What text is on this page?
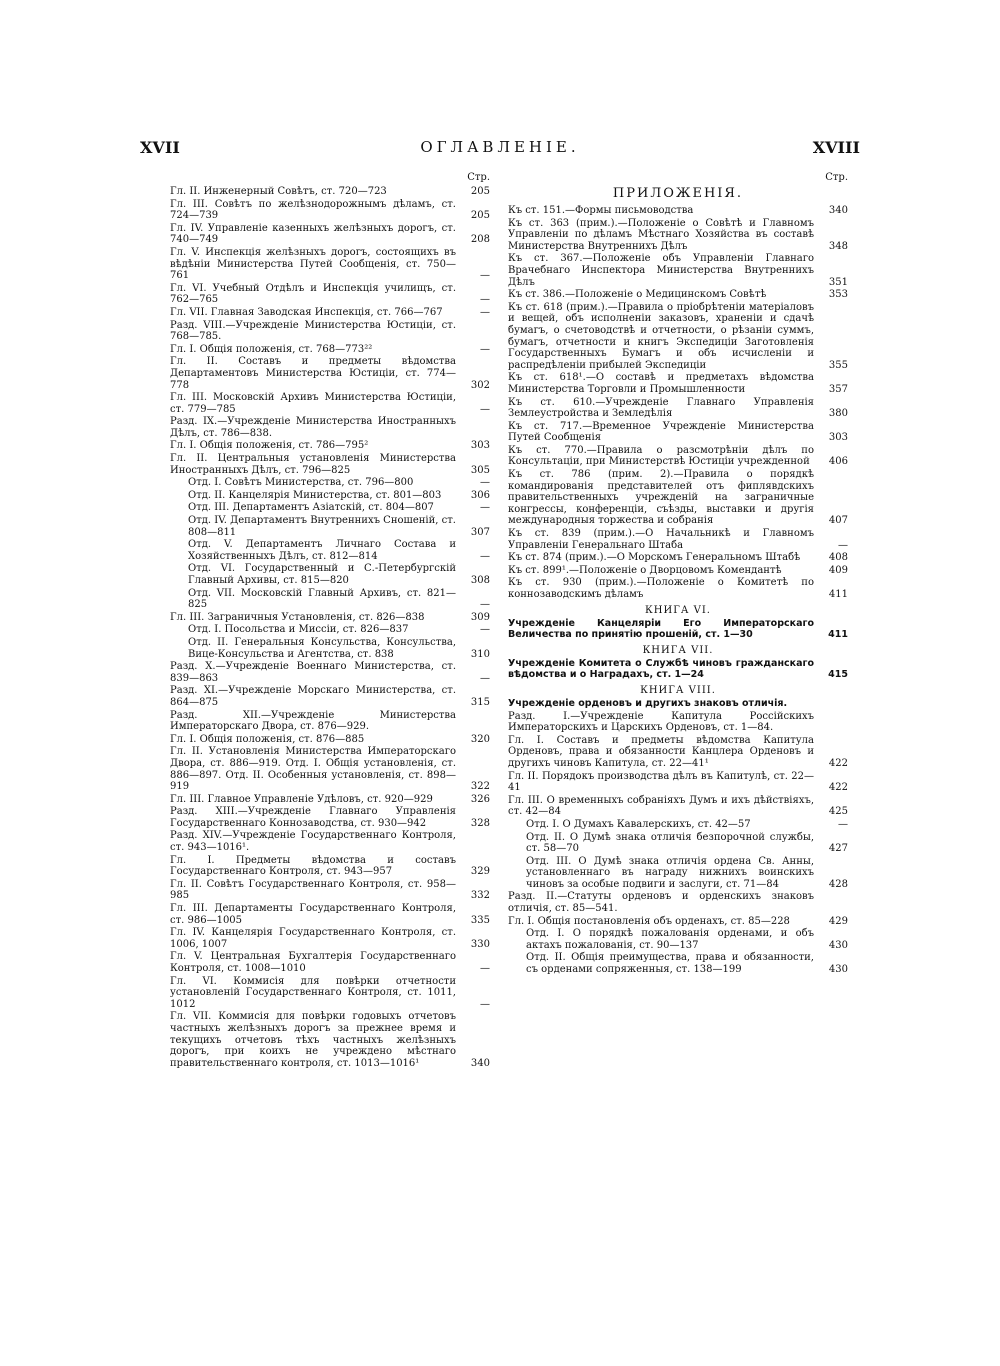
XVII	ОГЛАВЛЕНІЕ.	XVIII
Стр.
Гл. II. Инженерный Совѣтъ, ст. 720—723	205
Гл. III. Совѣтъ по желѣзнодорожнымъ дѣламъ, ст. 724—739	205
Гл. IV. Управленіе казенныхъ желѣзныхъ дорогъ, ст. 740—749	208
Гл. V. Инспекція желѣзныхъ дорогъ, состоящихъ въ вѣдѣніи Министерства Путей Сообщенія, ст. 750—761	—
Гл. VI. Учебный Отдѣлъ и Инспекція училищъ, ст. 762—765	—
Гл. VII. Главная Заводская Инспекція, ст. 766—767	—
Разд. VIII.—Учрежденіе Министерства Юстиціи, ст. 768—785.
Гл. I. Общія положенія, ст. 768—773²²	—
Гл. II. Составъ и предметы вѣдомства Департаментовъ Министерства Юстиціи, ст. 774—778	302
Гл. III. Московскій Архивъ Министерства Юстиціи, ст. 779—785	—
Разд. IX.—Учрежденіе Министерства Иностранныхъ Дѣлъ, ст. 786—838.
Гл. I. Общія положенія, ст. 786—795²	303
Гл. II. Центральныя установленія Министерства Иностранныхъ Дѣлъ, ст. 796—825	305
Отд. I. Совѣтъ Министерства, ст. 796—800	—
Отд. II. Канцелярія Министерства, ст. 801—803	306
Отд. III. Департаментъ Азіатскій, ст. 804—807	—
Отд. IV. Департаментъ Внутреннихъ Сношеній, ст. 808—811	307
Отд. V. Департаментъ Личнаго Состава и Хозяйственныхъ Дѣлъ, ст. 812—814	—
Отд. VI. Государственный и С.-Петербургскій Главный Архивы, ст. 815—820	308
Отд. VII. Московскій Главный Архивъ, ст. 821—825	—
Гл. III. Заграничныя Установленія, ст. 826—838	309
Отд. I. Посольства и Миссіи, ст. 826—837	—
Отд. II. Генеральныя Консульства, Консульства, Вице-Консульства и Агентства, ст. 838	310
Разд. X.—Учрежденіе Военнаго Министерства, ст. 839—863	—
Разд. XI.—Учрежденіе Морскаго Министерства, ст. 864—875	315
Разд. XII.—Учрежденіе Министерства Императорскаго Двора, ст. 876—929.
Гл. I. Общія положенія, ст. 876—885	320
Гл. II. Установленія Министерства Императорскаго Двора, ст. 886—919. Отд. I. Общія установленія, ст. 886—897. Отд. II. Особенныя установленія, ст. 898—919	322
Гл. III. Главное Управленіе Удѣловъ, ст. 920—929	326
Разд. XIII.—Учрежденіе Главнаго Управленія Государственнаго Коннозаводства, ст. 930—942	328
Разд. XIV.—Учрежденіе Государственнаго Контроля, ст. 943—1016¹.
Гл. I. Предметы вѣдомства и составъ Государственнаго Контроля, ст. 943—957	329
Гл. II. Совѣтъ Государственнаго Контроля, ст. 958—985	332
Гл. III. Департаменты Государственнаго Контроля, ст. 986—1005	335
Гл. IV. Канцелярія Государственнаго Контроля, ст. 1006, 1007	330
Гл. V. Центральная Бухгалтерія Государственнаго Контроля, ст. 1008—1010	—
Гл. VI. Коммисія для повѣрки отчетности установленій Государственнаго Контроля, ст. 1011, 1012	—
Гл. VII. Коммисія для повѣрки годовыхъ отчетовъ частныхъ желѣзныхъ дорогъ за прежнее время и текущихъ отчетовъ тѣхъ частныхъ желѣзныхъ дорогъ, при коихъ не учреждено мѣстнаго правительственнаго контроля, ст. 1013—1016¹	340
Стр.
ПРИЛОЖЕНІЯ.
Къ ст. 151.—Формы письмоводства	340
Къ ст. 363 (прим.).—Положеніе о Совѣтѣ и Главномъ Управленіи по дѣламъ Мѣстнаго Хозяйства въ составѣ Министерства Внутреннихъ Дѣлъ	348
Къ ст. 367.—Положеніе объ Управленіи Главнаго Врачебнаго Инспектора Министерства Внутреннихъ Дѣлъ	351
Къ ст. 386.—Положеніе о Медицинскомъ Совѣтѣ	353
Къ ст. 618 (прим.).—Правила о пріобрѣтеніи матеріаловъ и вещей, объ исполненіи заказовъ, храненіи и сдачѣ бумагъ, о счетоводствѣ и отчетности, о рѣзаніи суммъ, бумагъ, отчетности и книгъ Экспедиціи Заготовленія Государственныхъ Бумагъ и объ исчисленіи и распредѣленіи прибылей Экспедиціи	355
Къ ст. 618¹.—О составѣ и предметахъ вѣдомства Министерства Торговли и Промышленности	357
Къ ст. 610.—Учрежденіе Главнаго Управленія Землеустройства и Земледѣлія	380
Къ ст. 717.—Временное Учрежденіе Министерства Путей Сообщенія	303
Къ ст. 770.—Правила о разсмотрѣніи дѣлъ по Консультаціи, при Министерствѣ Юстиціи учрежденной	406
Къ ст. 786 (прим. 2).—Правила о порядкѣ командированія представителей отъ фиплявдскихъ правительственныхъ учрежденій на заграничные конгрессы, конференціи, съѣзды, выставки и другія международныя торжества и собранія	407
Къ ст. 839 (прим.).—О Начальникѣ и Главномъ Управленіи Генеральнаго Штаба	—
Къ ст. 874 (прим.).—О Морскомъ Генеральномъ Штабѣ	408
Къ ст. 899¹.—Положеніе о Дворцовомъ Комендантѣ	409
Къ ст. 930 (прим.).—Положеніе о Комитетѣ по коннозаводскимъ дѣламъ	411
КНИГА VI.
Учрежденіе Канцеляріи Его Императорскаго Величества по принятію прошеній, ст. 1—30	411
КНИГА VII.
Учрежденіе Комитета о Службѣ чиновъ гражданскаго вѣдомства и о Наградахъ, ст. 1—24	415
КНИГА VIII.
Учрежденіе орденовъ и другихъ знаковъ отличія.
Разд. I.—Учрежденіе Капитула Россійскихъ Императорскихъ и Царскихъ Орденовъ, ст. 1—84.
Гл. I. Составъ и предметы вѣдомства Капитула Орденовъ, права и обязанности Канцлера Орденовъ и другихъ чиновъ Капитула, ст. 22—41¹	422
Гл. II. Порядокъ производства дѣлъ въ Капитулѣ, ст. 22—41	422
Гл. III. О временныхъ собраніяхъ Думъ и ихъ дѣйствіяхъ, ст. 42—84	425
Отд. I. О Думахъ Кавалерскихъ, ст. 42—57	—
Отд. II. О Думѣ знака отличія безпорочной службы, ст. 58—70	427
Отд. III. О Думѣ знака отличія ордена Св. Анны, установленнаго въ награду нижнихъ воинскихъ чиновъ за особые подвиги и заслуги, ст. 71—84	428
Разд. II.—Статуты орденовъ и орденскихъ знаковъ отличія, ст. 85—541.
Гл. I. Общія постановленія объ орденахъ, ст. 85—228	429
Отд. I. О порядкѣ пожалованія орденами, и объ актахъ пожалованія, ст. 90—137	430
Отд. II. Общія преимущества, права и обязанности, съ орденами сопряженныя, ст. 138—199	430
